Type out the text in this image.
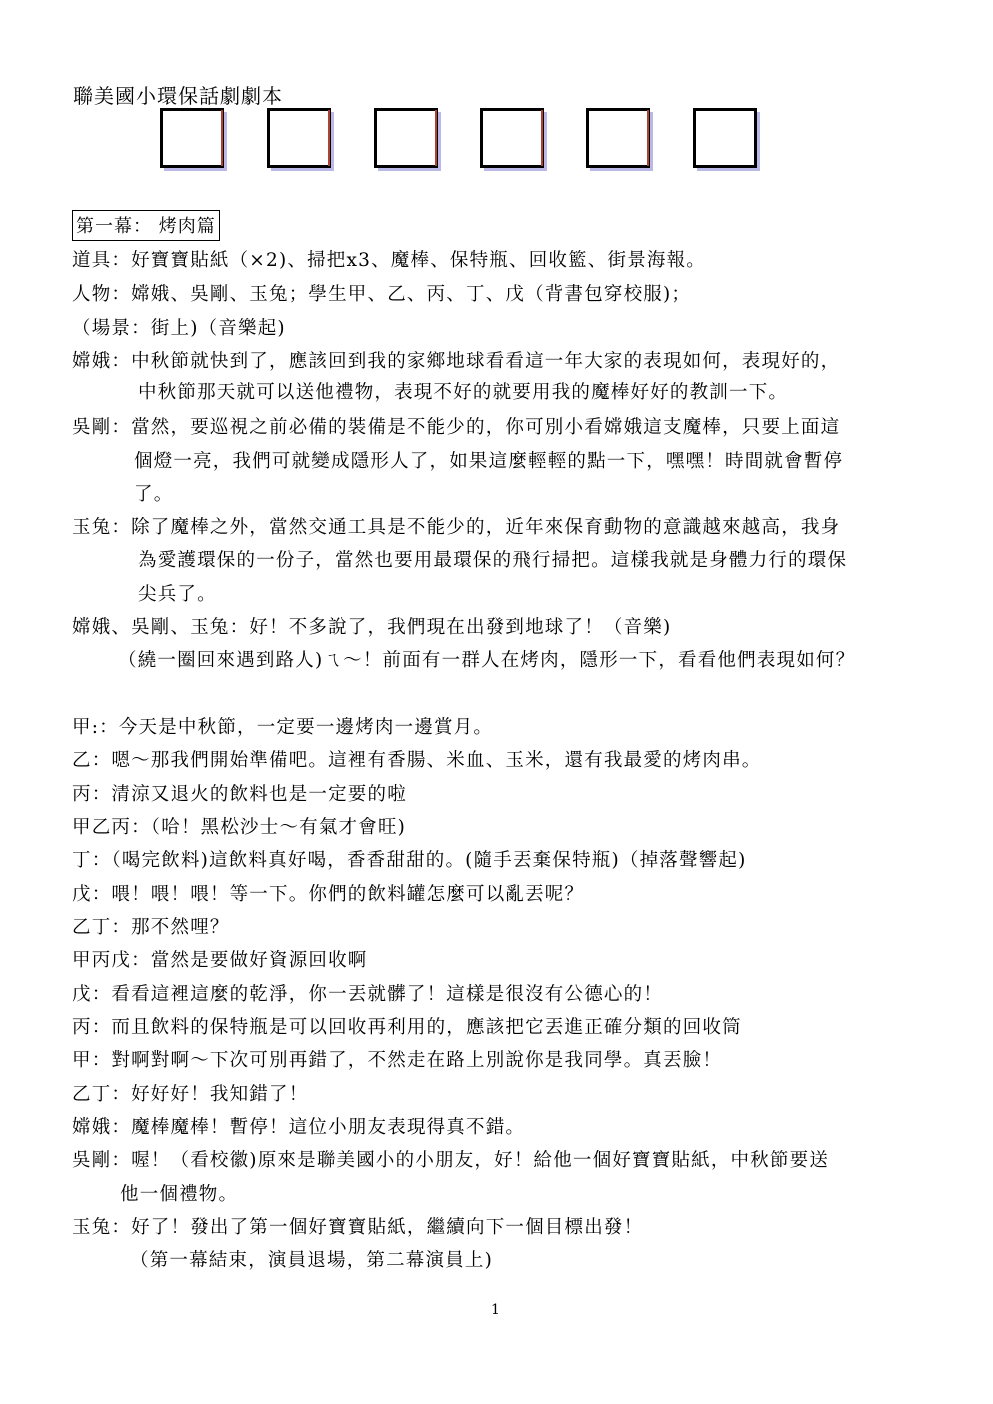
聯美國小環保話劇劇本
第一幕： 烤肉篇
道具：好寶寶貼紙（×2)、掃把x3、魔棒、保特瓶、回收籃、街景海報。
人物：嫦娥、吳剛、玉兔；學生甲、乙、丙、丁、戊（背書包穿校服)；
（場景：街上)（音樂起)
嫦娥：中秋節就快到了，應該回到我的家鄉地球看看這一年大家的表現如何，表現好的，
中秋節那天就可以送他禮物，表現不好的就要用我的魔棒好好的教訓一下。
吳剛：當然，要巡視之前必備的裝備是不能少的，你可別小看嫦娥這支魔棒，只要上面這
個燈一亮，我們可就變成隱形人了，如果這麼輕輕的點一下，嘿嘿！時間就會暫停
了。
玉兔：除了魔棒之外，當然交通工具是不能少的，近年來保育動物的意識越來越高，我身
為愛護環保的一份子，當然也要用最環保的飛行掃把。這樣我就是身體力行的環保
尖兵了。
嫦娥、吳剛、玉兔：好！不多說了，我們現在出發到地球了！（音樂)
（繞一圈回來遇到路人)ㄟ～！前面有一群人在烤肉，隱形一下，看看他們表現如何？
甲:：今天是中秋節，一定要一邊烤肉一邊賞月。
乙：嗯～那我們開始準備吧。這裡有香腸、米血、玉米，還有我最愛的烤肉串。
丙：清涼又退火的飲料也是一定要的啦
甲乙丙：（哈！黑松沙士～有氣才會旺)
丁：（喝完飲料)這飲料真好喝，香香甜甜的。(隨手丟棄保特瓶)（掉落聲響起)
戊：喂！喂！喂！等一下。你們的飲料罐怎麼可以亂丟呢？
乙丁：那不然哩？
甲丙戊：當然是要做好資源回收啊
戊：看看這裡這麼的乾淨，你一丟就髒了！這樣是很沒有公德心的！
丙：而且飲料的保特瓶是可以回收再利用的，應該把它丟進正確分類的回收筒
甲：對啊對啊～下次可別再錯了，不然走在路上別說你是我同學。真丟臉！
乙丁：好好好！我知錯了！
嫦娥：魔棒魔棒！暫停！這位小朋友表現得真不錯。
吳剛：喔！（看校徽)原來是聯美國小的小朋友，好！給他一個好寶寶貼紙，中秋節要送
他一個禮物。
玉兔：好了！發出了第一個好寶寶貼紙，繼續向下一個目標出發！
（第一幕結束，演員退場，第二幕演員上)
1
